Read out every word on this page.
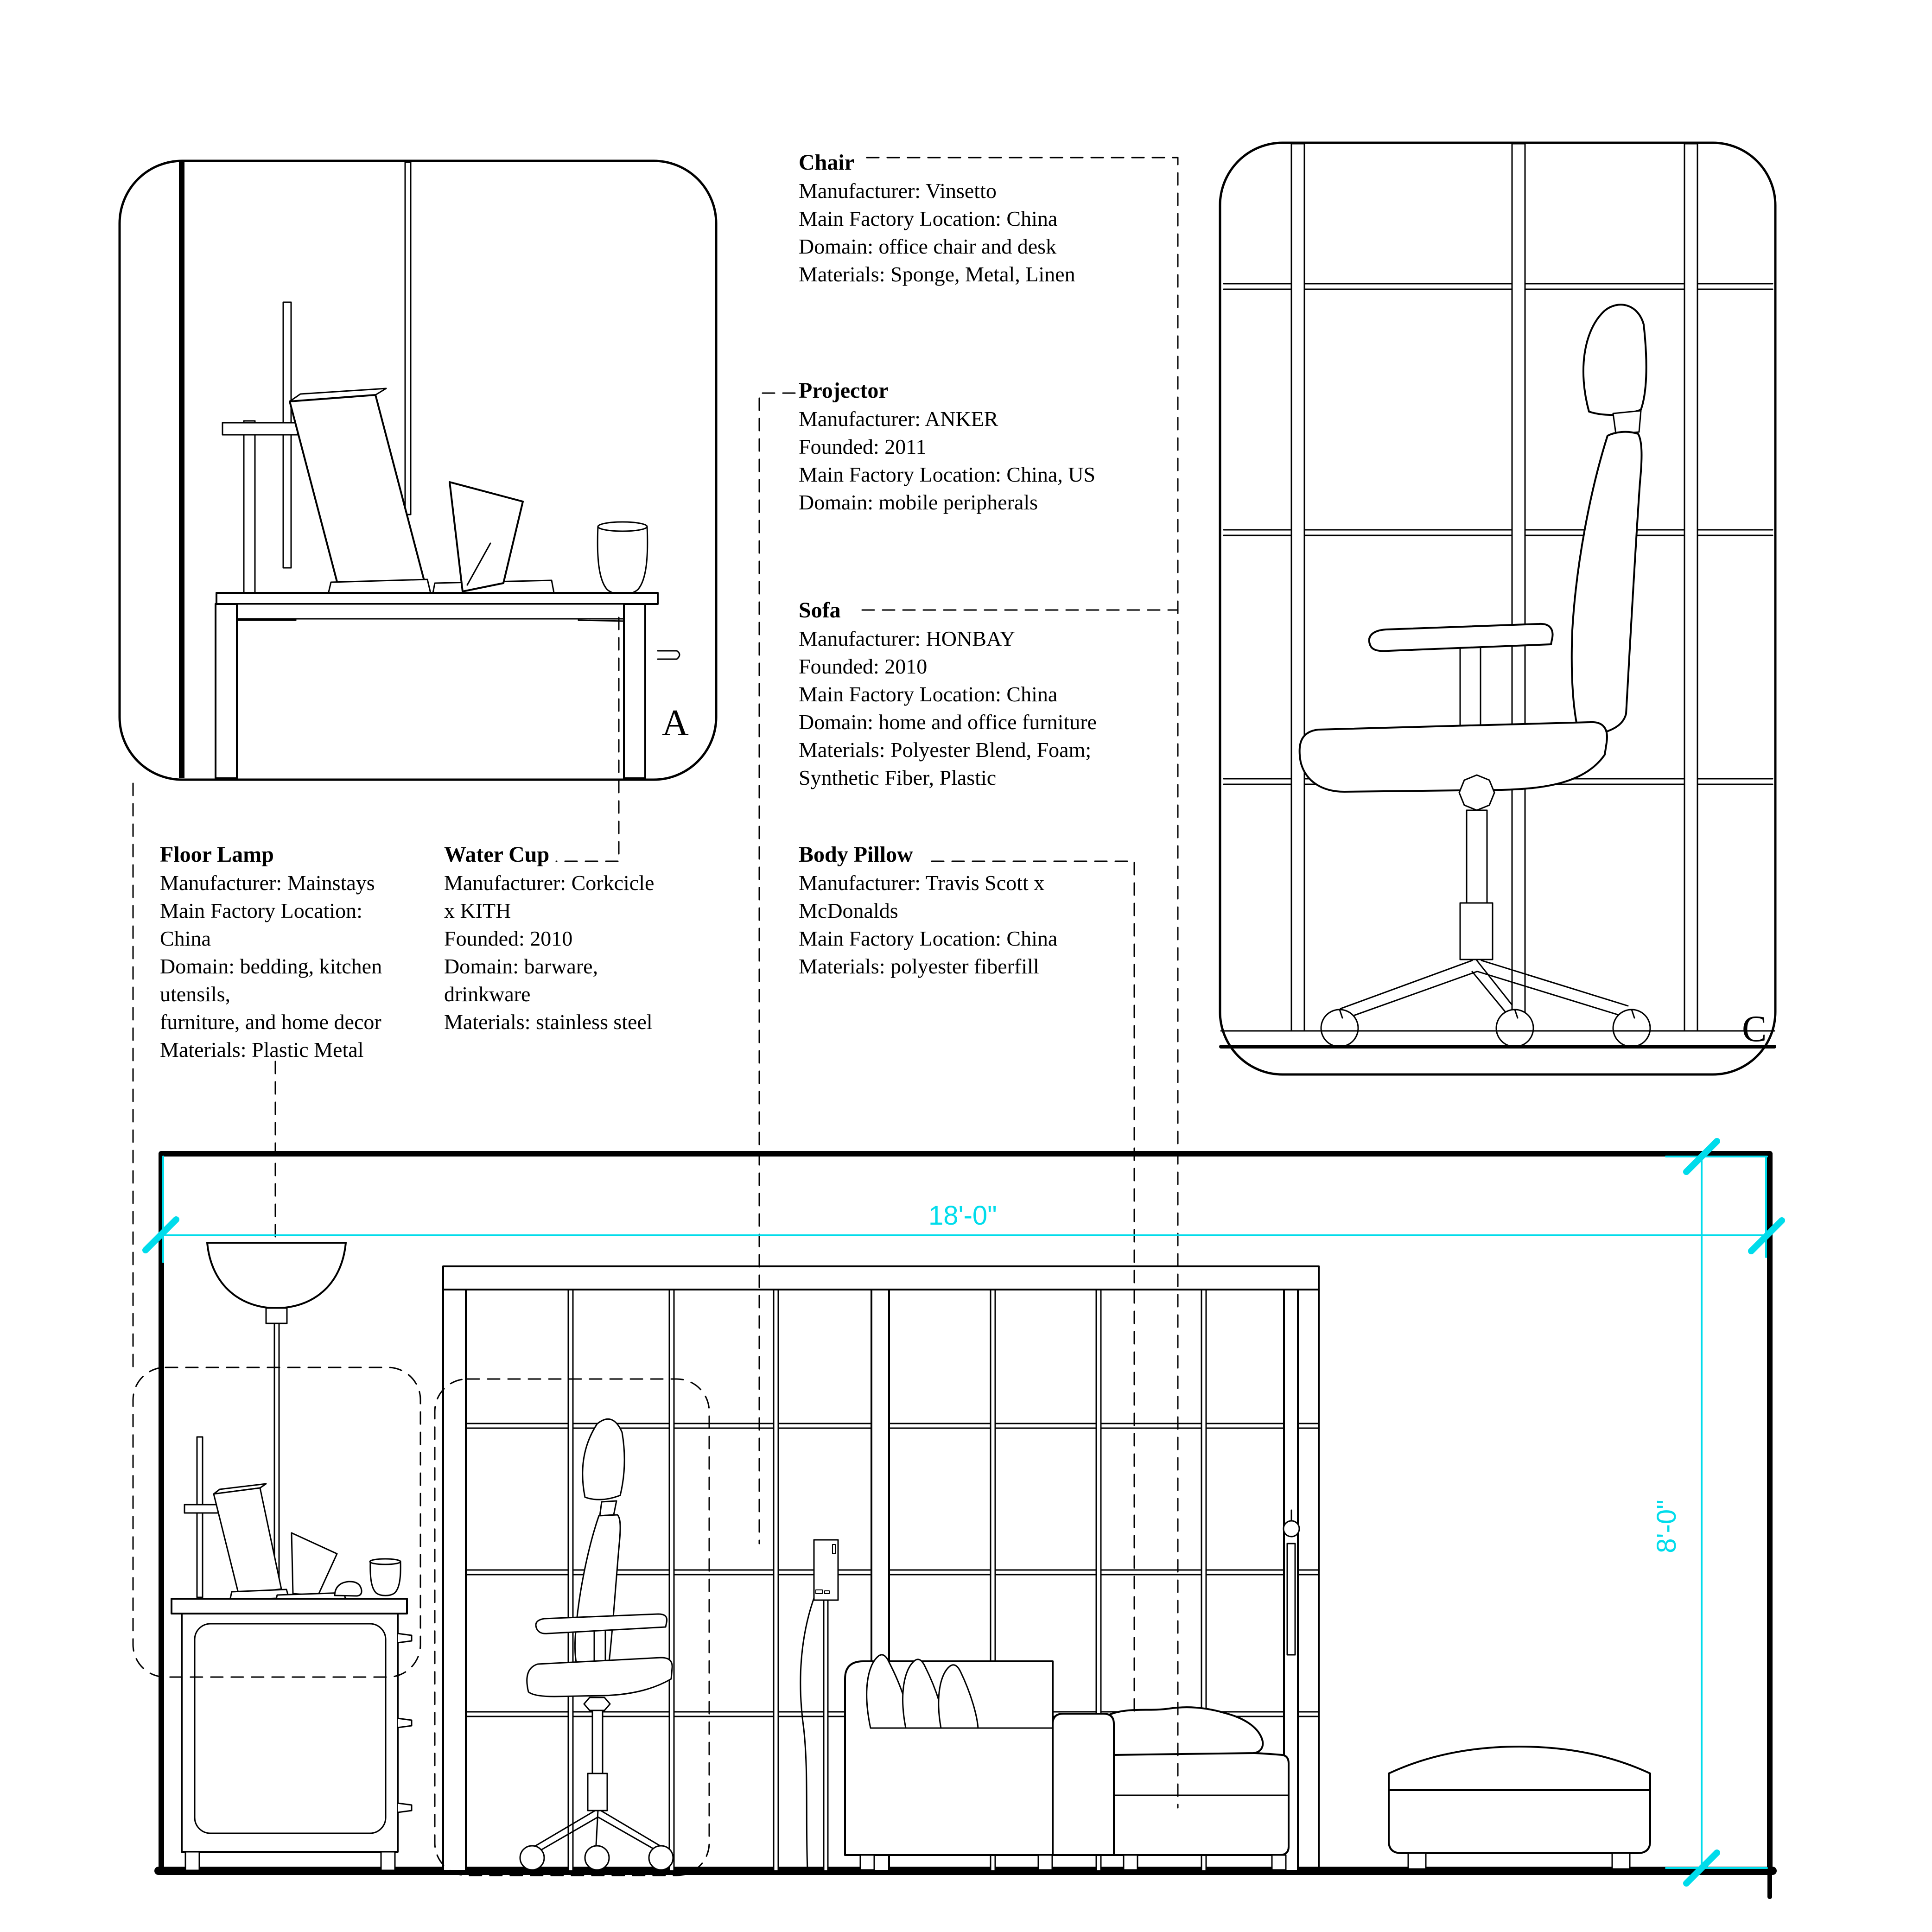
Chair
Manufacturer: Vinsetto
Main Factory Location: China
Domain: office chair and desk
Materials: Sponge, Metal, Linen
Projector
Manufacturer: ANKER
Founded: 2011
Main Factory Location: China, US
Domain: mobile peripherals
Sofa
Manufacturer: HONBAY
Founded: 2010
Main Factory Location: China
Domain: home and office furniture
Materials: Polyester Blend, Foam;
Synthetic Fiber, Plastic
Floor Lamp
Manufacturer: Mainstays
Main Factory Location:
China
Domain: bedding, kitchen
utensils,
furniture, and home decor
Materials: Plastic Metal
Water Cup
Manufacturer: Corkcicle
x KITH
Founded: 2010
Domain: barware,
drinkware
Materials: stainless steel
Body Pillow
Manufacturer: Travis Scott x
McDonalds
Main Factory Location: China
Materials: polyester fiberfill
A
C
18'-0"
8'-0"
